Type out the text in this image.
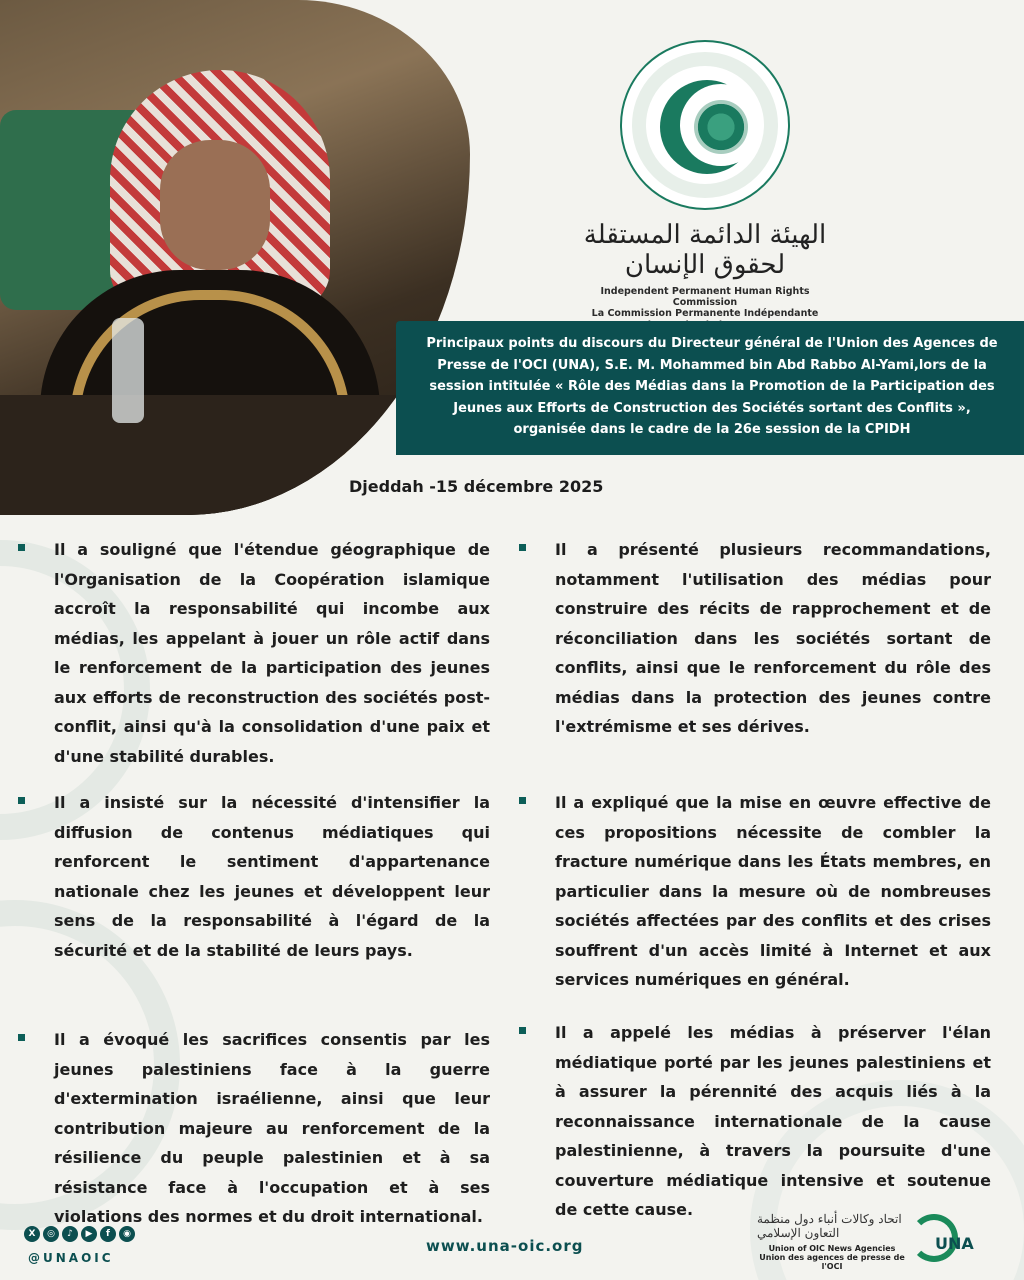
الهيئة الدائمة المستقلة لحقوق الإنسان
Independent Permanent Human Rights Commission
La Commission Permanente Indépendante
Principaux points du discours du Directeur général de l'Union des Agences de Presse de l'OCI (UNA), S.E. M. Mohammed bin Abd Rabbo Al-Yami,lors de la session intitulée « Rôle des Médias dans la Promotion de la Participation des Jeunes aux Efforts de Construction des Sociétés sortant des Conflits », organisée dans le cadre de la 26e session de la CPIDH
Djeddah -15 décembre 2025
Il a souligné que l'étendue géographique de l'Organisation de la Coopération islamique accroît la responsabilité qui incombe aux médias, les appelant à jouer un rôle actif dans le renforcement de la participation des jeunes aux efforts de reconstruction des sociétés post-conflit, ainsi qu'à la consolidation d'une paix et d'une stabilité durables.
Il a insisté sur la nécessité d'intensifier la diffusion de contenus médiatiques qui renforcent le sentiment d'appartenance nationale chez les jeunes et développent leur sens de la responsabilité à l'égard de la sécurité et de la stabilité de leurs pays.
Il a évoqué les sacrifices consentis par les jeunes palestiniens face à la guerre d'extermination israélienne, ainsi que leur contribution majeure au renforcement de la résilience du peuple palestinien et à sa résistance face à l'occupation et à ses violations des normes et du droit international.
Il a présenté plusieurs recommandations, notamment l'utilisation des médias pour construire des récits de rapprochement et de réconciliation dans les sociétés sortant de conflits, ainsi que le renforcement du rôle des médias dans la protection des jeunes contre l'extrémisme et ses dérives.
Il a expliqué que la mise en œuvre effective de ces propositions nécessite de combler la fracture numérique dans les États membres, en particulier dans la mesure où de nombreuses sociétés affectées par des conflits et des crises souffrent d'un accès limité à Internet et aux services numériques en général.
Il a appelé les médias à préserver l'élan médiatique porté par les jeunes palestiniens et à assurer la pérennité des acquis liés à la reconnaissance internationale de la cause palestinienne, à travers la poursuite d'une couverture médiatique intensive et soutenue de cette cause.
X	◎	♪	▶	f	◉
@UNAOIC
www.una-oic.org
اتحاد وكالات أنباء دول منظمة التعاون الإسلامي
Union of OIC News Agencies
Union des agences de presse de l'OCI
UNA
